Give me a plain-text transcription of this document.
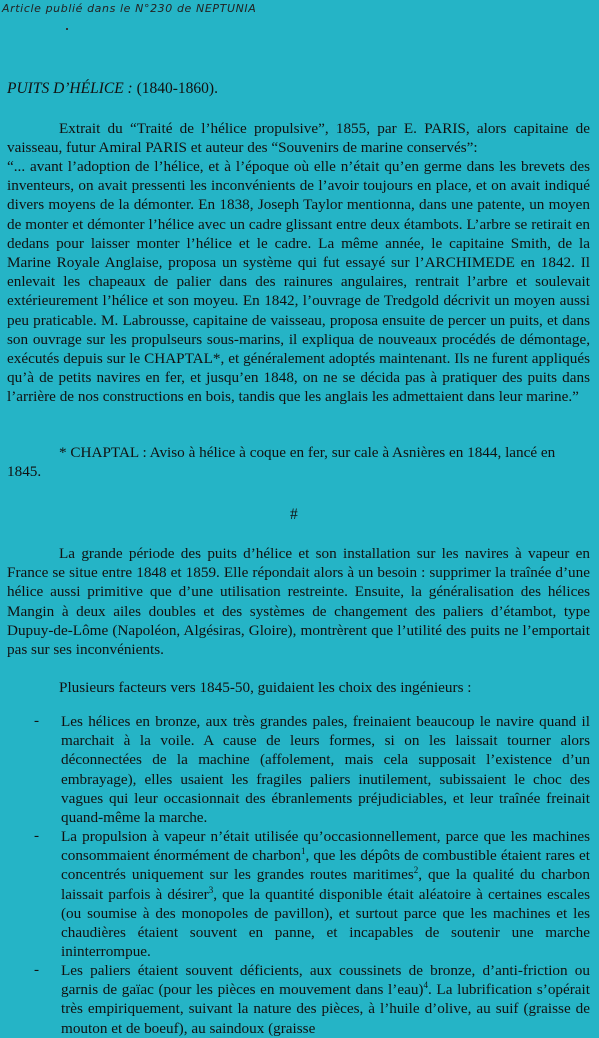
Article publié dans le N°230 de NEPTUNIA
PUITS D’HÉLICE : (1840-1860).
Extrait du “Traité de l’hélice propulsive”, 1855, par E. PARIS, alors capitaine de vaisseau, futur Amiral PARIS et auteur des “Souvenirs de marine conservés”:
“... avant l’adoption de l’hélice, et à l’époque où elle n’était qu’en germe dans les brevets des inventeurs, on avait pressenti les inconvénients de l’avoir toujours en place, et on avait indiqué divers moyens de la démonter. En 1838, Joseph Taylor mentionna, dans une patente, un moyen de monter et démonter l’hélice avec un cadre glissant entre deux étambots. L’arbre se retirait en dedans pour laisser monter l’hélice et le cadre. La même année, le capitaine Smith, de la Marine Royale Anglaise, proposa un système qui fut essayé sur l’ARCHIMEDE en 1842. Il enlevait les chapeaux de palier dans des rainures angulaires, rentrait l’arbre et soulevait extérieurement l’hélice et son moyeu. En 1842, l’ouvrage de Tredgold décrivit un moyen aussi peu praticable. M. Labrousse, capitaine de vaisseau, proposa ensuite de percer un puits, et dans son ouvrage sur les propulseurs sous-marins, il expliqua de nouveaux procédés de démontage, exécutés depuis sur le CHAPTAL*, et généralement adoptés maintenant. Ils ne furent appliqués qu’à de petits navires en fer, et jusqu’en 1848, on ne se décida pas à pratiquer des puits dans l’arrière de nos constructions en bois, tandis que les anglais les admettaient dans leur marine.”
* CHAPTAL : Aviso à hélice à coque en fer, sur cale à Asnières en 1844, lancé en 1845.
#
La grande période des puits d’hélice et son installation sur les navires à vapeur en France se situe entre 1848 et 1859. Elle répondait alors à un besoin : supprimer la traînée d’une hélice aussi primitive que d’une utilisation restreinte. Ensuite, la généralisation des hélices Mangin à deux ailes doubles et des systèmes de changement des paliers d’étambot, type Dupuy-de-Lôme (Napoléon, Algésiras, Gloire), montrèrent que l’utilité des puits ne l’emportait pas sur ses inconvénients.
Plusieurs facteurs vers 1845-50, guidaient les choix des ingénieurs :
- Les hélices en bronze, aux très grandes pales, freinaient beaucoup le navire quand il marchait à la voile. A cause de leurs formes, si on les laissait tourner alors déconnectées de la machine (affolement, mais cela supposait l’existence d’un embrayage), elles usaient les fragiles paliers inutilement, subissaient le choc des vagues qui leur occasionnait des ébranlements préjudiciables, et leur traînée freinait quand-même la marche.
- La propulsion à vapeur n’était utilisée qu’occasionnellement, parce que les machines consommaient énormément de charbon$^1$, que les dépôts de combustible étaient rares et concentrés uniquement sur les grandes routes maritimes$^2$, que la qualité du charbon laissait parfois à désirer$^3$, que la quantité disponible était aléatoire à certaines escales (ou soumise à des monopoles de pavillon), et surtout parce que les machines et les chaudières étaient souvent en panne, et incapables de soutenir une marche ininterrompue.
- Les paliers étaient souvent déficients, aux coussinets de bronze, d’anti-friction ou garnis de gaïac (pour les pièces en mouvement dans l’eau)$^4$. La lubrification s’opérait très empiriquement, suivant la nature des pièces, à l’huile d’olive, au suif (graisse de mouton et de boeuf), au saindoux (graisse
